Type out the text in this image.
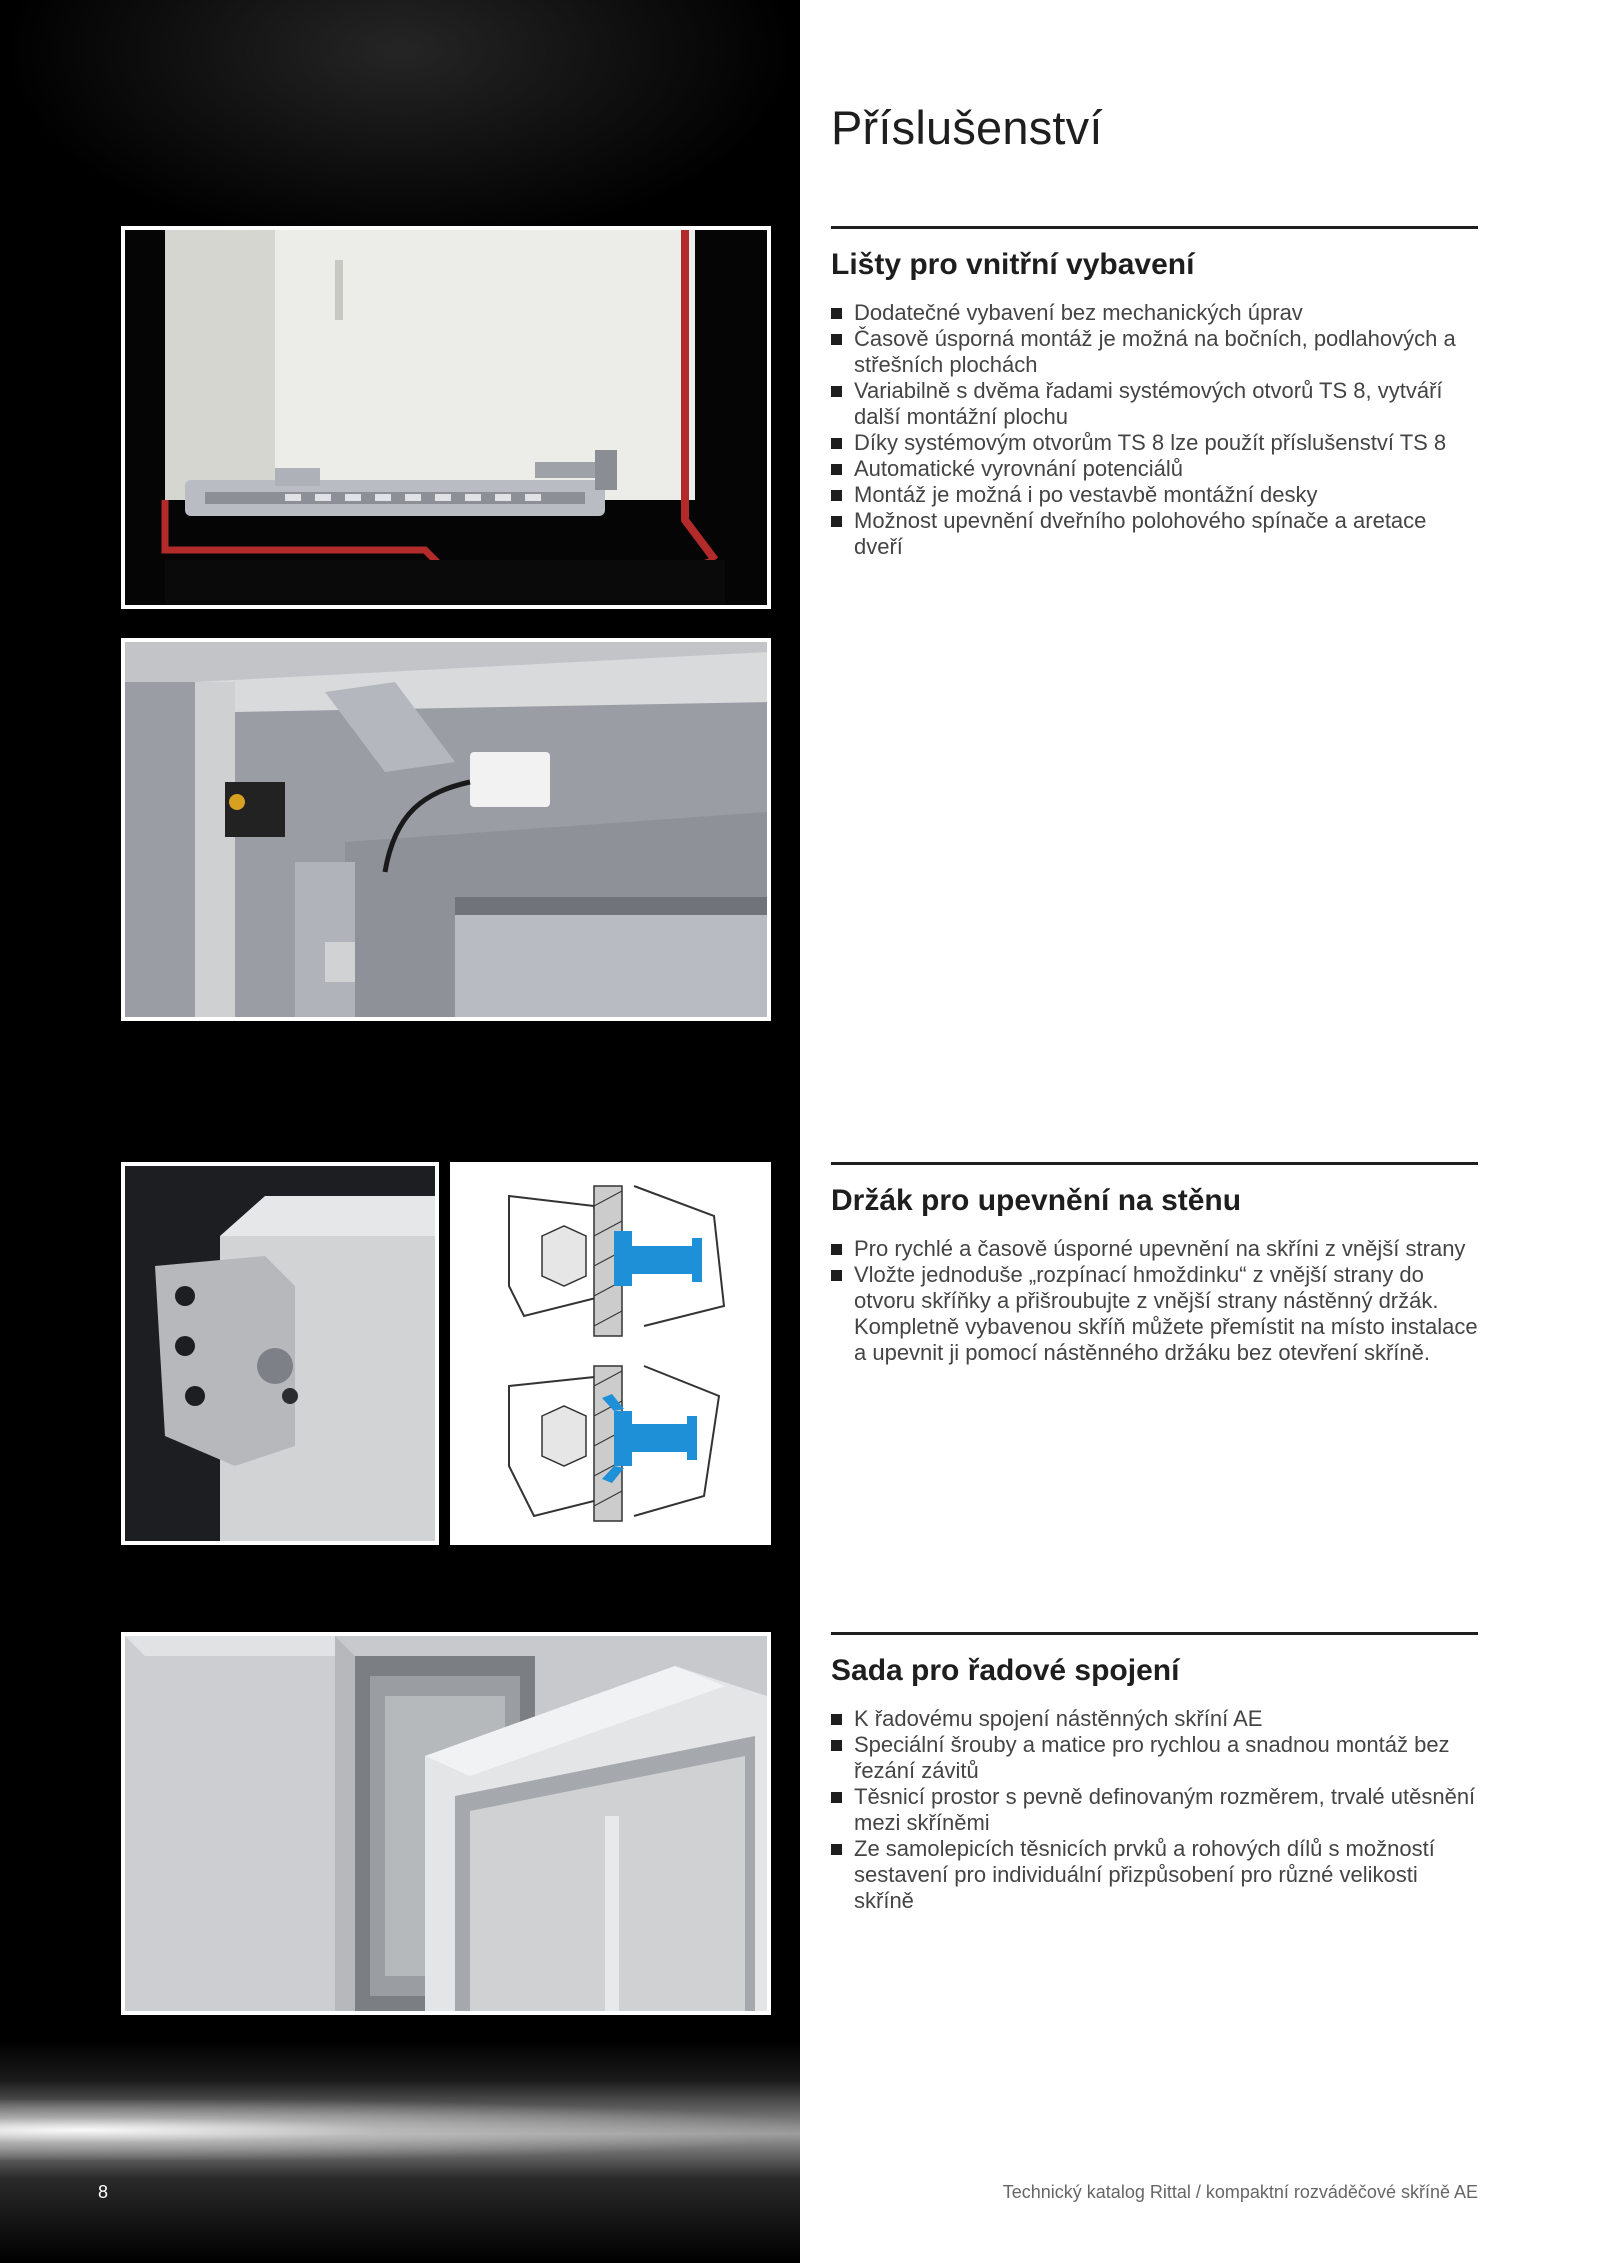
Příslušenství
Lišty pro vnitřní vybavení
Dodatečné vybavení bez mechanických úprav
Časově úsporná montáž je možná na bočních, podlahových a střešních plochách
Variabilně s dvěma řadami systémových otvorů TS 8, vytváří další montážní plochu
Díky systémovým otvorům TS 8 lze použít příslušenství TS 8
Automatické vyrovnání potenciálů
Montáž je možná i po vestavbě montážní desky
Možnost upevnění dveřního polohového spínače a aretace dveří
Držák pro upevnění na stěnu
Pro rychlé a časově úsporné upevnění na skříni z vnější strany
Vložte jednoduše „rozpínací hmoždinku“ z vnější strany do otvoru skříňky a přišroubujte z vnější strany nástěnný držák. Kompletně vybavenou skříň můžete přemístit na místo instalace a upevnit ji pomocí nástěnného držáku bez otevření skříně.
Sada pro řadové spojení
K řadovému spojení nástěnných skříní AE
Speciální šrouby a matice pro rychlou a snadnou montáž bez řezání závitů
Těsnicí prostor s pevně definovaným rozměrem, trvalé utěsnění mezi skříněmi
Ze samolepicích těsnicích prvků a rohových dílů s možností sestavení pro individuální přizpůsobení pro různé velikosti skříně
8	Technický katalog Rittal / kompaktní rozváděčové skříně AE
